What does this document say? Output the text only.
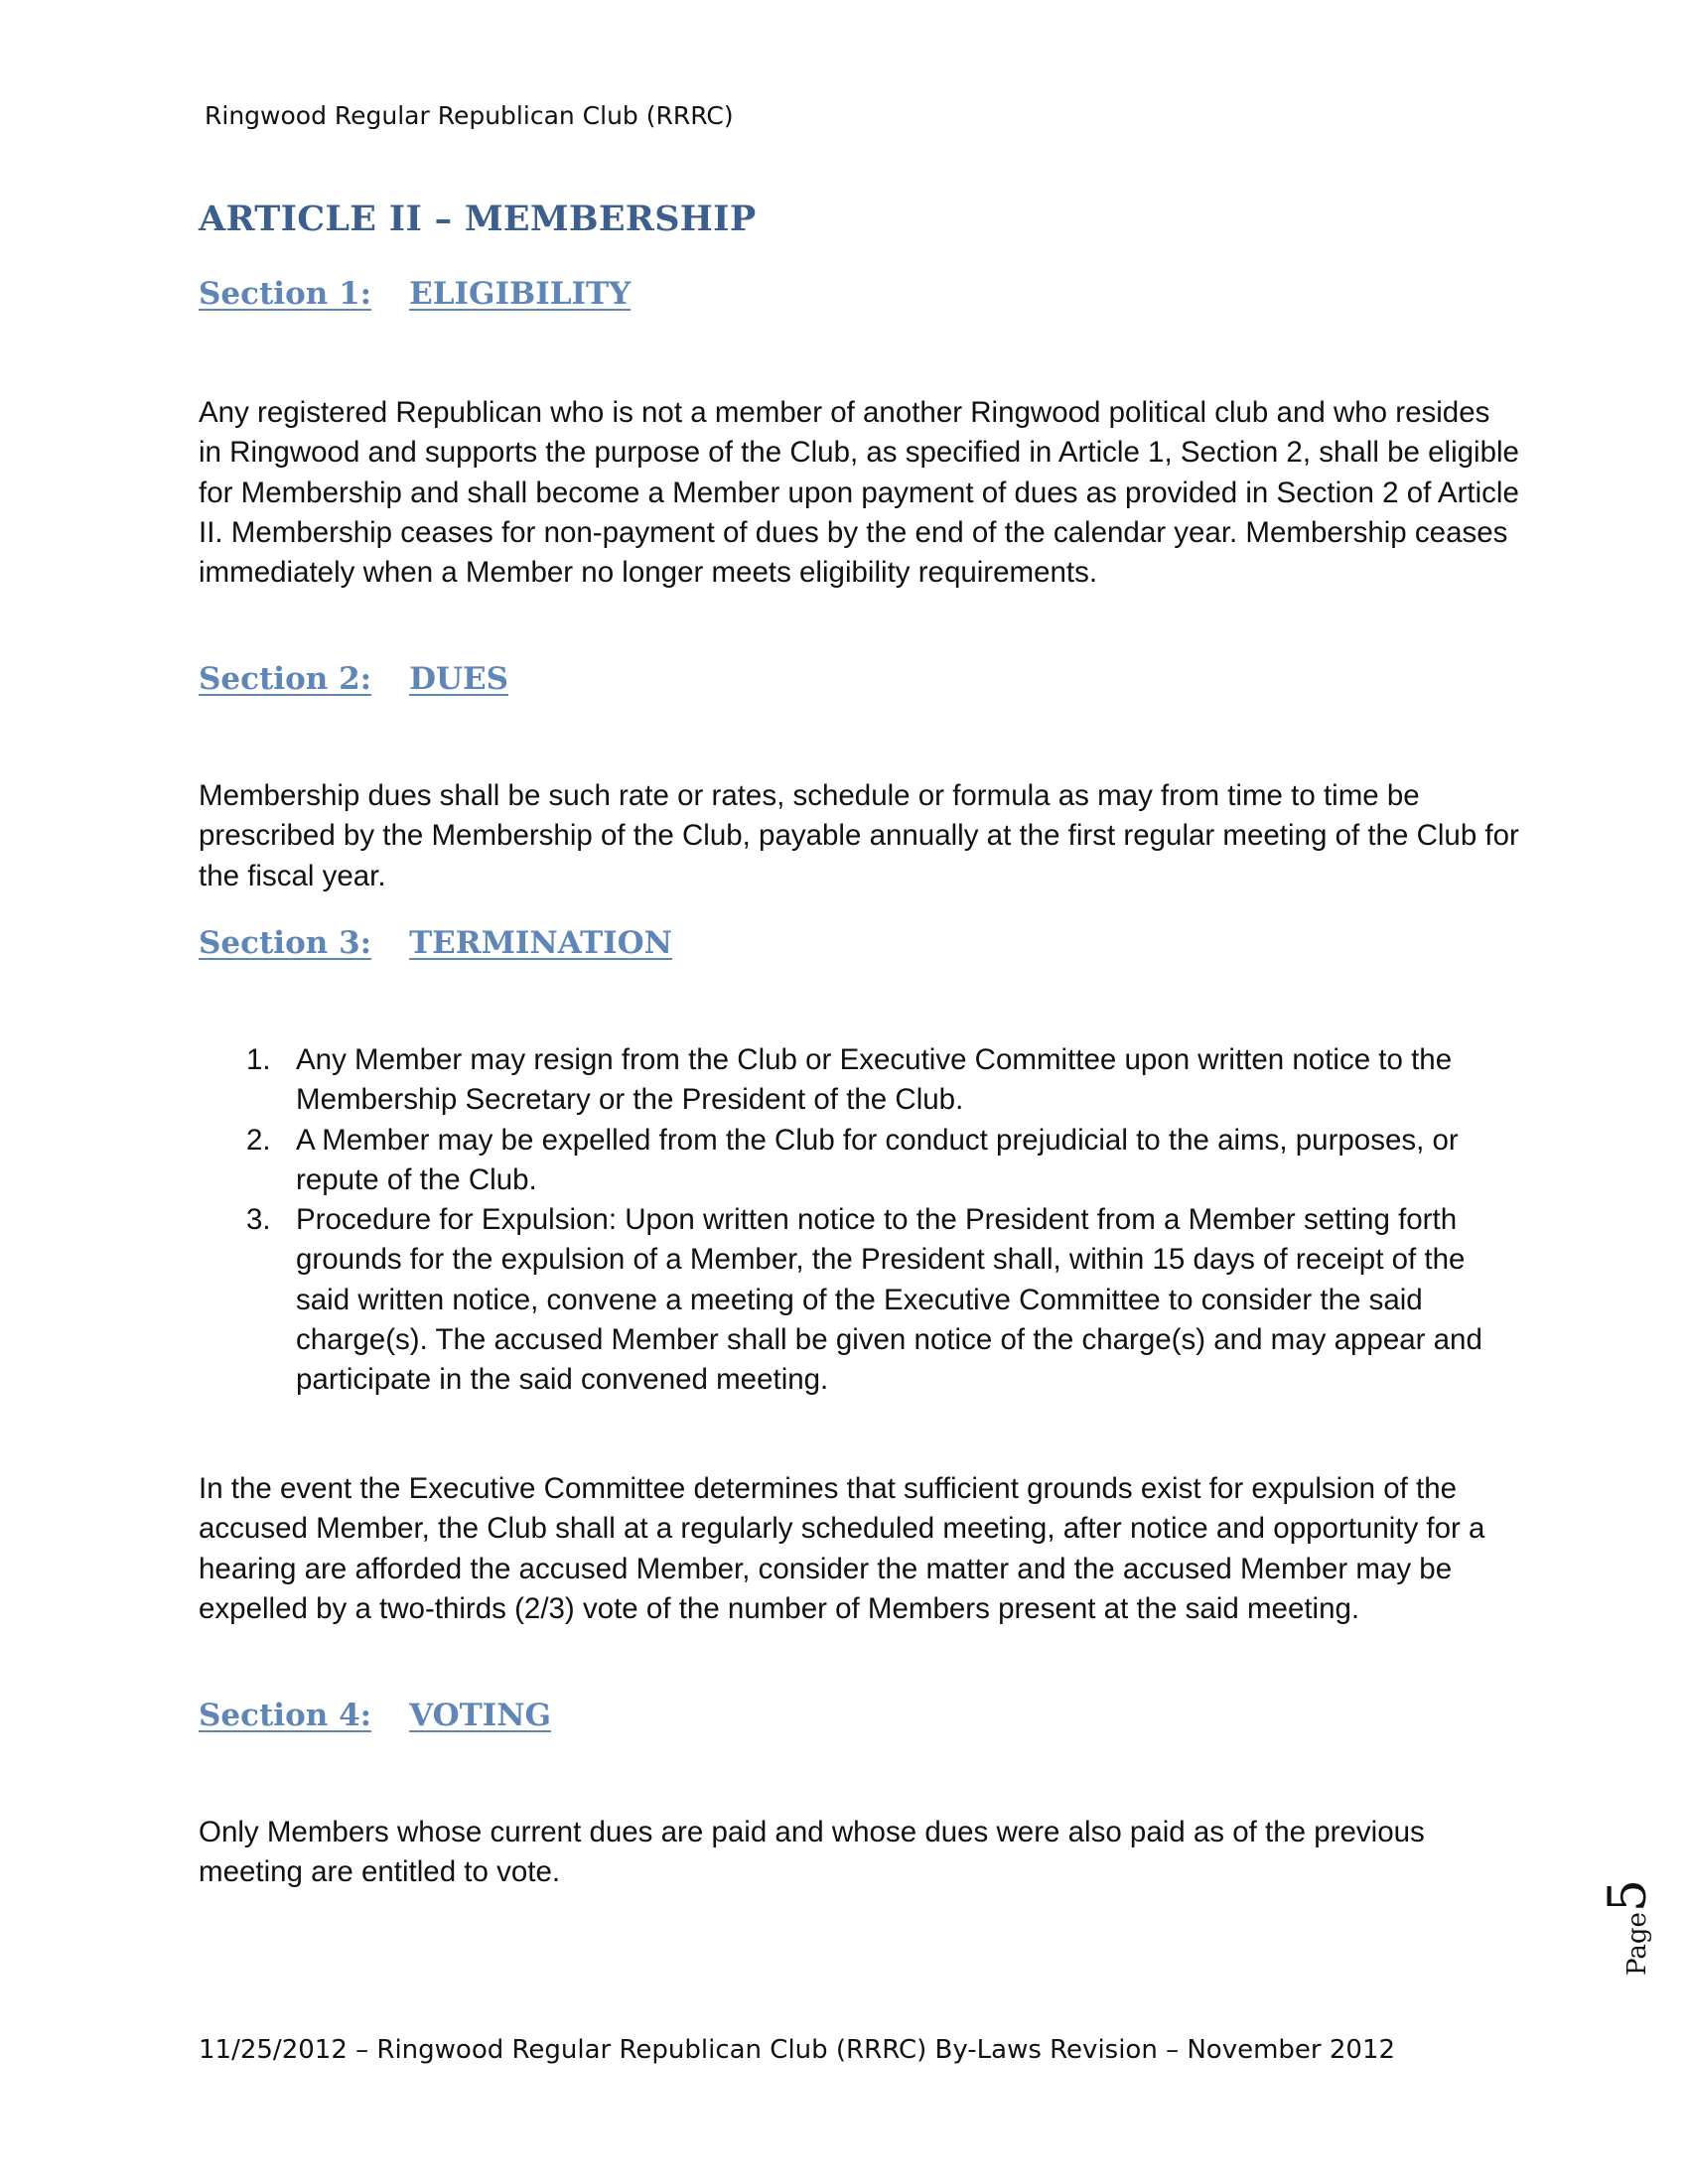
Ringwood Regular Republican Club (RRRC)
ARTICLE II – MEMBERSHIP
Section 1: ELIGIBILITY

Any registered Republican who is not a member of another Ringwood political club and who resides in Ringwood and supports the purpose of the Club, as specified in Article 1, Section 2, shall be eligible for Membership and shall become a Member upon payment of dues as provided in Section 2 of Article II. Membership ceases for non-payment of dues by the end of the calendar year. Membership ceases immediately when a Member no longer meets eligibility requirements.

Section 2: DUES

Membership dues shall be such rate or rates, schedule or formula as may from time to time be prescribed by the Membership of the Club, payable annually at the first regular meeting of the Club for the fiscal year.

Section 3: TERMINATION
1. Any Member may resign from the Club or Executive Committee upon written notice to the Membership Secretary or the President of the Club.
2. A Member may be expelled from the Club for conduct prejudicial to the aims, purposes, or repute of the Club.
3. Procedure for Expulsion: Upon written notice to the President from a Member setting forth grounds for the expulsion of a Member, the President shall, within 15 days of receipt of the said written notice, convene a meeting of the Executive Committee to consider the said charge(s). The accused Member shall be given notice of the charge(s) and may appear and participate in the said convened meeting.

In the event the Executive Committee determines that sufficient grounds exist for expulsion of the accused Member, the Club shall at a regularly scheduled meeting, after notice and opportunity for a hearing are afforded the accused Member, consider the matter and the accused Member may be expelled by a two-thirds (2/3) vote of the number of Members present at the said meeting.

Section 4: VOTING

Only Members whose current dues are paid and whose dues were also paid as of the previous meeting are entitled to vote.

Page5
11/25/2012 – Ringwood Regular Republican Club (RRRC) By-Laws Revision – November 2012
